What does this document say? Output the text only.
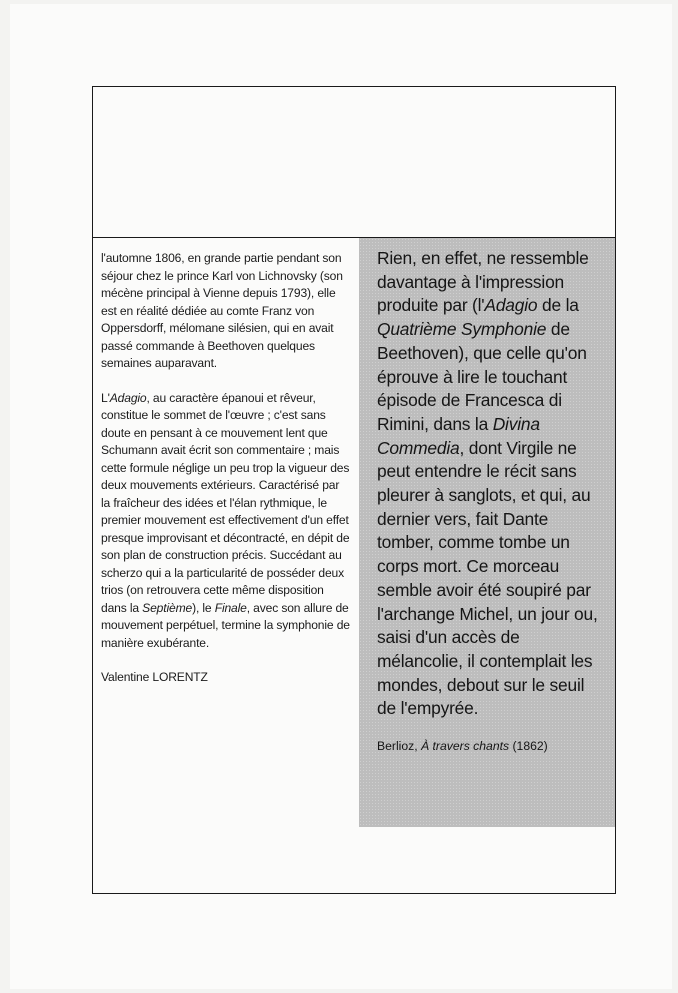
l'automne 1806, en grande partie pendant son séjour chez le prince Karl von Lichnovsky (son mécène principal à Vienne depuis 1793), elle est en réalité dédiée au comte Franz von Oppersdorff, mélomane silésien, qui en avait passé commande à Beethoven quelques semaines auparavant.

L'Adagio, au caractère épanoui et rêveur, constitue le sommet de l'œuvre ; c'est sans doute en pensant à ce mouvement lent que Schumann avait écrit son commentaire ; mais cette formule néglige un peu trop la vigueur des deux mouvements extérieurs. Caractérisé par la fraîcheur des idées et l'élan rythmique, le premier mouvement est effectivement d'un effet presque improvisant et décontracté, en dépit de son plan de construction précis. Succédant au scherzo qui a la particularité de posséder deux trios (on retrouvera cette même disposition dans la Septième), le Finale, avec son allure de mouvement perpétuel, termine la symphonie de manière exubérante.

Valentine LORENTZ

Rien, en effet, ne ressemble davantage à l'impression produite par (l'Adagio de la Quatrième Symphonie de Beethoven), que celle qu'on éprouve à lire le touchant épisode de Francesca di Rimini, dans la Divina Commedia, dont Virgile ne peut entendre le récit sans pleurer à sanglots, et qui, au dernier vers, fait Dante tomber, comme tombe un corps mort. Ce morceau semble avoir été soupiré par l'archange Michel, un jour ou, saisi d'un accès de mélancolie, il contemplait les mondes, debout sur le seuil de l'empyrée.

Berlioz, À travers chants (1862)
